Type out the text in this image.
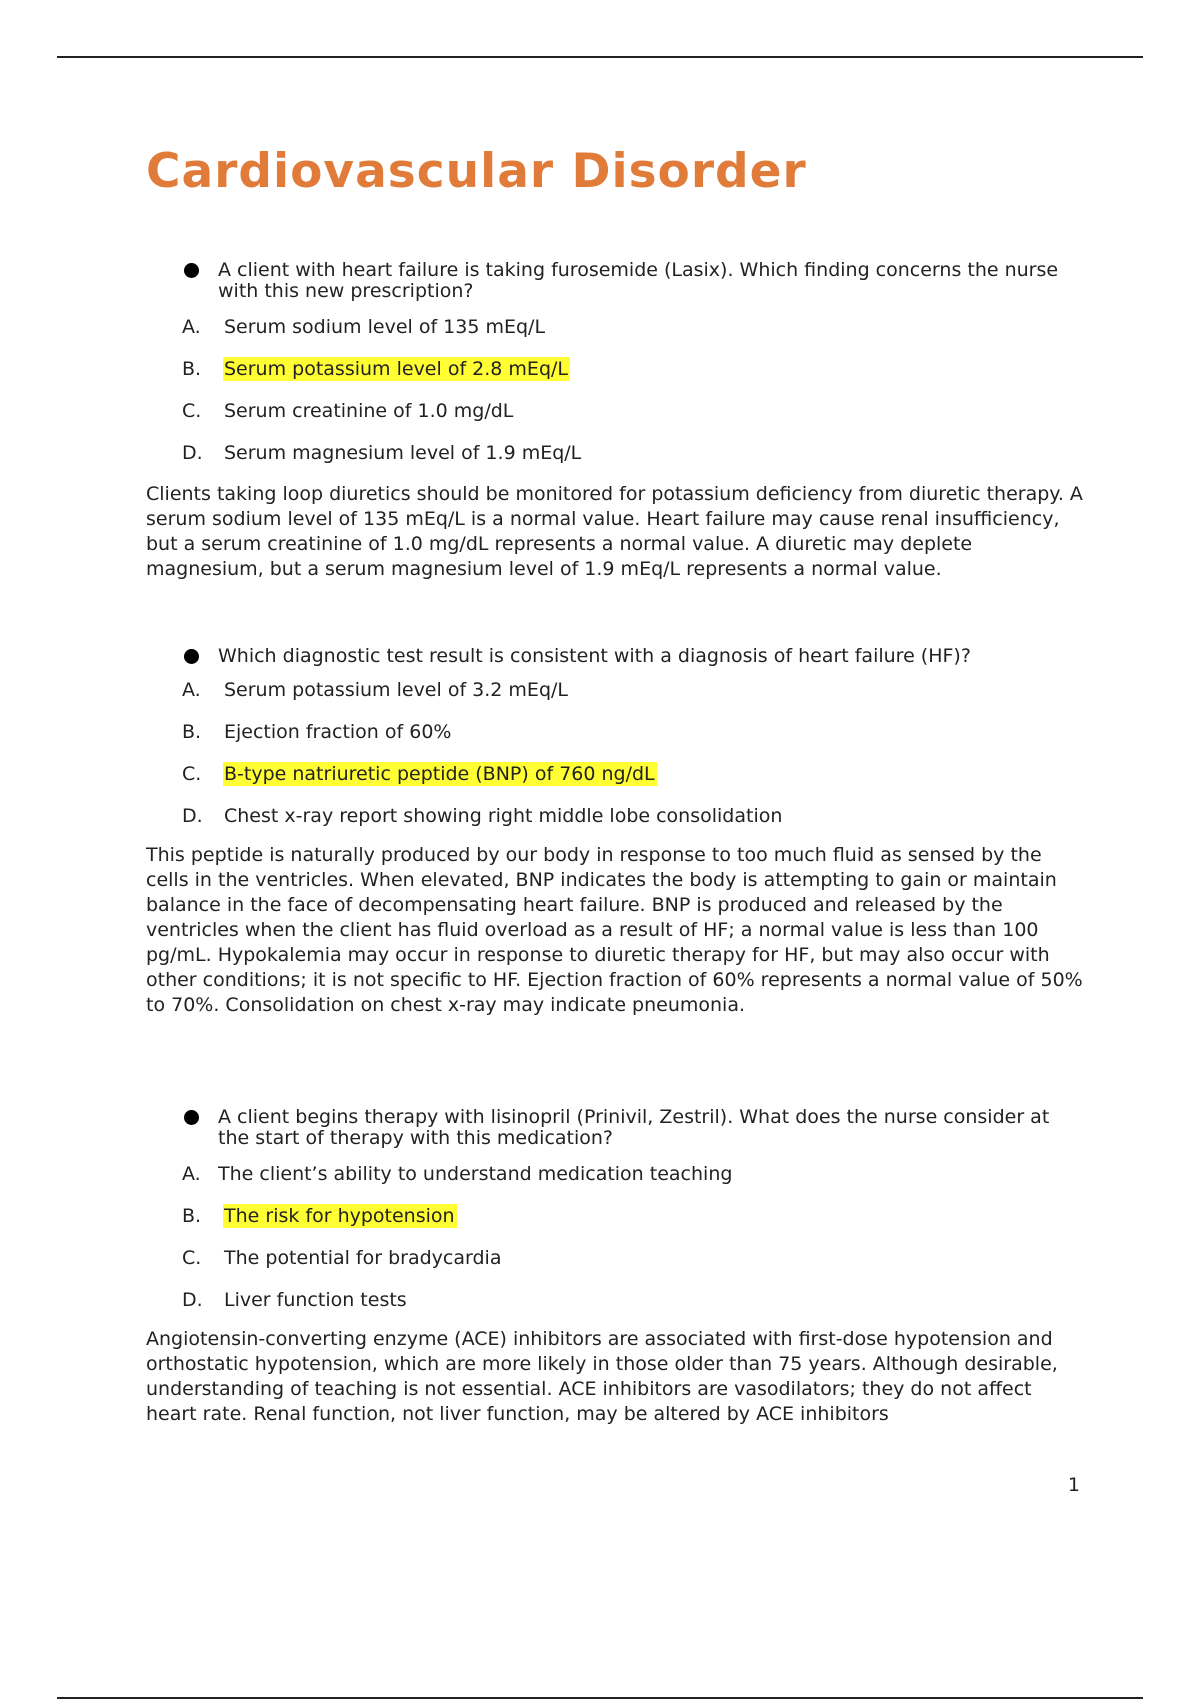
Cardiovascular Disorder
A client with heart failure is taking furosemide (Lasix). Which finding concerns the nurse with this new prescription?
A. Serum sodium level of 135 mEq/L
B. Serum potassium level of 2.8 mEq/L
C. Serum creatinine of 1.0 mg/dL
D. Serum magnesium level of 1.9 mEq/L

Clients taking loop diuretics should be monitored for potassium deficiency from diuretic therapy. A serum sodium level of 135 mEq/L is a normal value. Heart failure may cause renal insufficiency, but a serum creatinine of 1.0 mg/dL represents a normal value. A diuretic may deplete magnesium, but a serum magnesium level of 1.9 mEq/L represents a normal value.

Which diagnostic test result is consistent with a diagnosis of heart failure (HF)?
A. Serum potassium level of 3.2 mEq/L
B. Ejection fraction of 60%
C. B-type natriuretic peptide (BNP) of 760 ng/dL
D. Chest x-ray report showing right middle lobe consolidation

This peptide is naturally produced by our body in response to too much fluid as sensed by the cells in the ventricles. When elevated, BNP indicates the body is attempting to gain or maintain balance in the face of decompensating heart failure. BNP is produced and released by the ventricles when the client has fluid overload as a result of HF; a normal value is less than 100 pg/mL. Hypokalemia may occur in response to diuretic therapy for HF, but may also occur with other conditions; it is not specific to HF. Ejection fraction of 60% represents a normal value of 50% to 70%. Consolidation on chest x-ray may indicate pneumonia.

A client begins therapy with lisinopril (Prinivil, Zestril). What does the nurse consider at the start of therapy with this medication?
A. The client’s ability to understand medication teaching
B. The risk for hypotension
C. The potential for bradycardia
D. Liver function tests

Angiotensin-converting enzyme (ACE) inhibitors are associated with first-dose hypotension and orthostatic hypotension, which are more likely in those older than 75 years. Although desirable, understanding of teaching is not essential. ACE inhibitors are vasodilators; they do not affect heart rate. Renal function, not liver function, may be altered by ACE inhibitors

1
